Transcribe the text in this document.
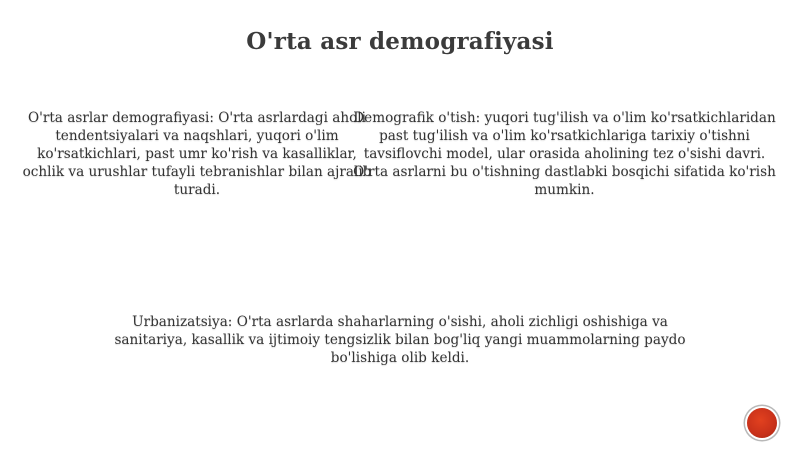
O'rta asr demografiyasi
O'rta asrlar demografiyasi: O'rta asrlardagi aholi tendentsiyalari va naqshlari, yuqori o'lim ko'rsatkichlari, past umr ko'rish va kasalliklar, ochlik va urushlar tufayli tebranishlar bilan ajralib turadi.
Demografik o'tish: yuqori tug'ilish va o'lim ko'rsatkichlaridan past tug'ilish va o'lim ko'rsatkichlariga tarixiy o'tishni tavsiflovchi model, ular orasida aholining tez o'sishi davri. O'rta asrlarni bu o'tishning dastlabki bosqichi sifatida ko'rish mumkin.
Urbanizatsiya: O'rta asrlarda shaharlarning o'sishi, aholi zichligi oshishiga va sanitariya, kasallik va ijtimoiy tengsizlik bilan bog'liq yangi muammolarning paydo bo'lishiga olib keldi.
